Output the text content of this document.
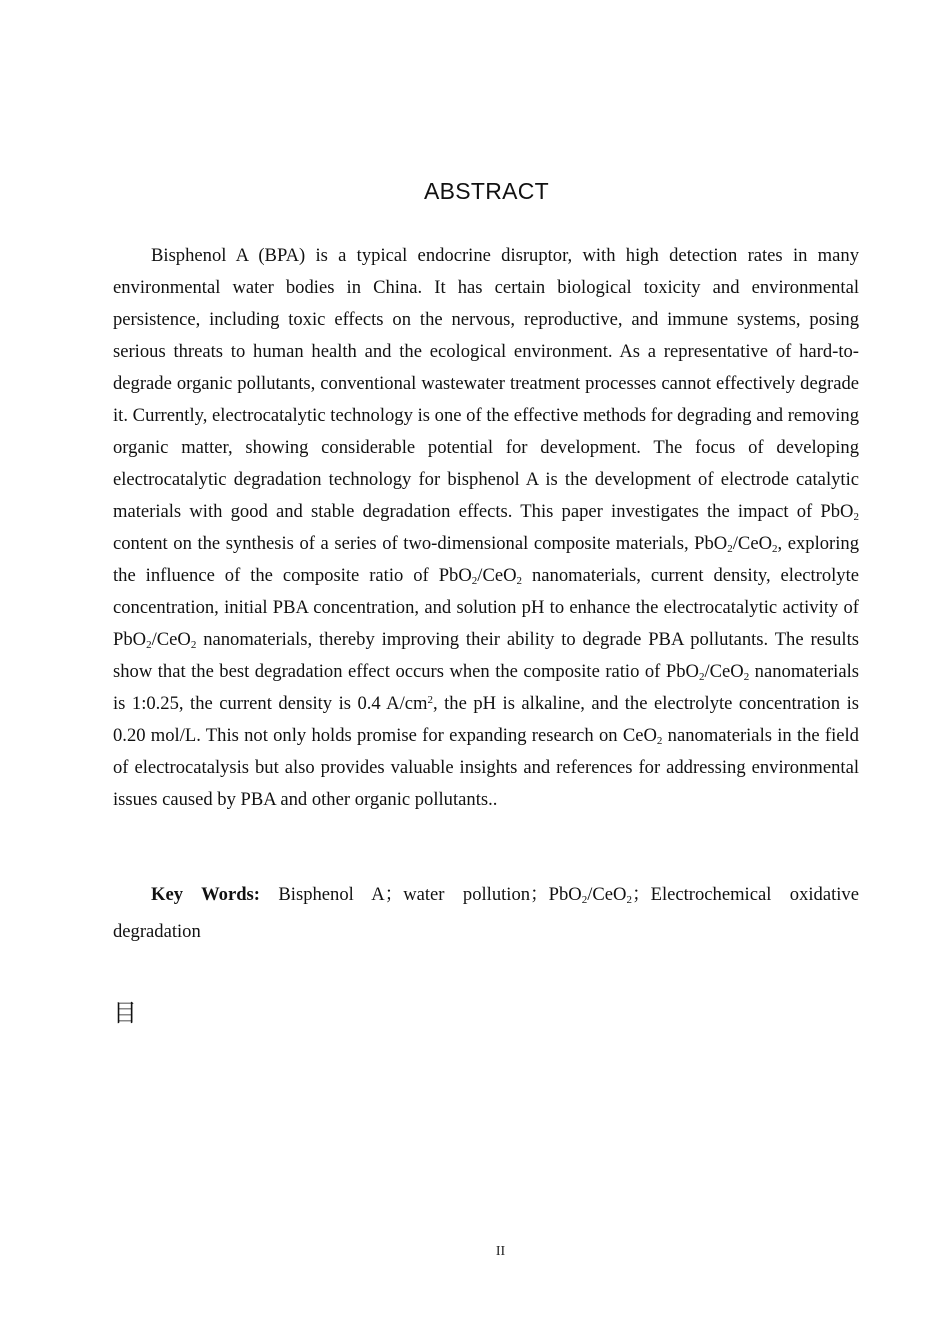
ABSTRACT

Bisphenol A (BPA) is a typical endocrine disruptor, with high detection rates in many environmental water bodies in China. It has certain biological toxicity and environmental persistence, including toxic effects on the nervous, reproductive, and immune systems, posing serious threats to human health and the ecological environment. As a representative of hard-to-degrade organic pollutants, conventional wastewater treatment processes cannot effectively degrade it. Currently, electrocatalytic technology is one of the effective methods for degrading and removing organic matter, showing considerable potential for development. The focus of developing electrocatalytic degradation technology for bisphenol A is the development of electrode catalytic materials with good and stable degradation effects. This paper investigates the impact of PbO$_2$ content on the synthesis of a series of two-dimensional composite materials, PbO$_2$/CeO$_2$, exploring the influence of the composite ratio of PbO$_2$/CeO$_2$ nanomaterials, current density, electrolyte concentration, initial PBA concentration, and solution pH to enhance the electrocatalytic activity of PbO$_2$/CeO$_2$ nanomaterials, thereby improving their ability to degrade PBA pollutants. The results show that the best degradation effect occurs when the composite ratio of PbO$_2$/CeO$_2$ nanomaterials is 1:0.25, the current density is 0.4 $A/cm^2$, the pH is alkaline, and the electrolyte concentration is 0.20 mol/L. This not only holds promise for expanding research on CeO$_2$ nanomaterials in the field of electrocatalysis but also provides valuable insights and references for addressing environmental issues caused by PBA and other organic pollutants..

Key Words: Bisphenol A；water pollution；PbO$_2$/CeO$_2$；Electrochemical oxidative degradation

目
II
